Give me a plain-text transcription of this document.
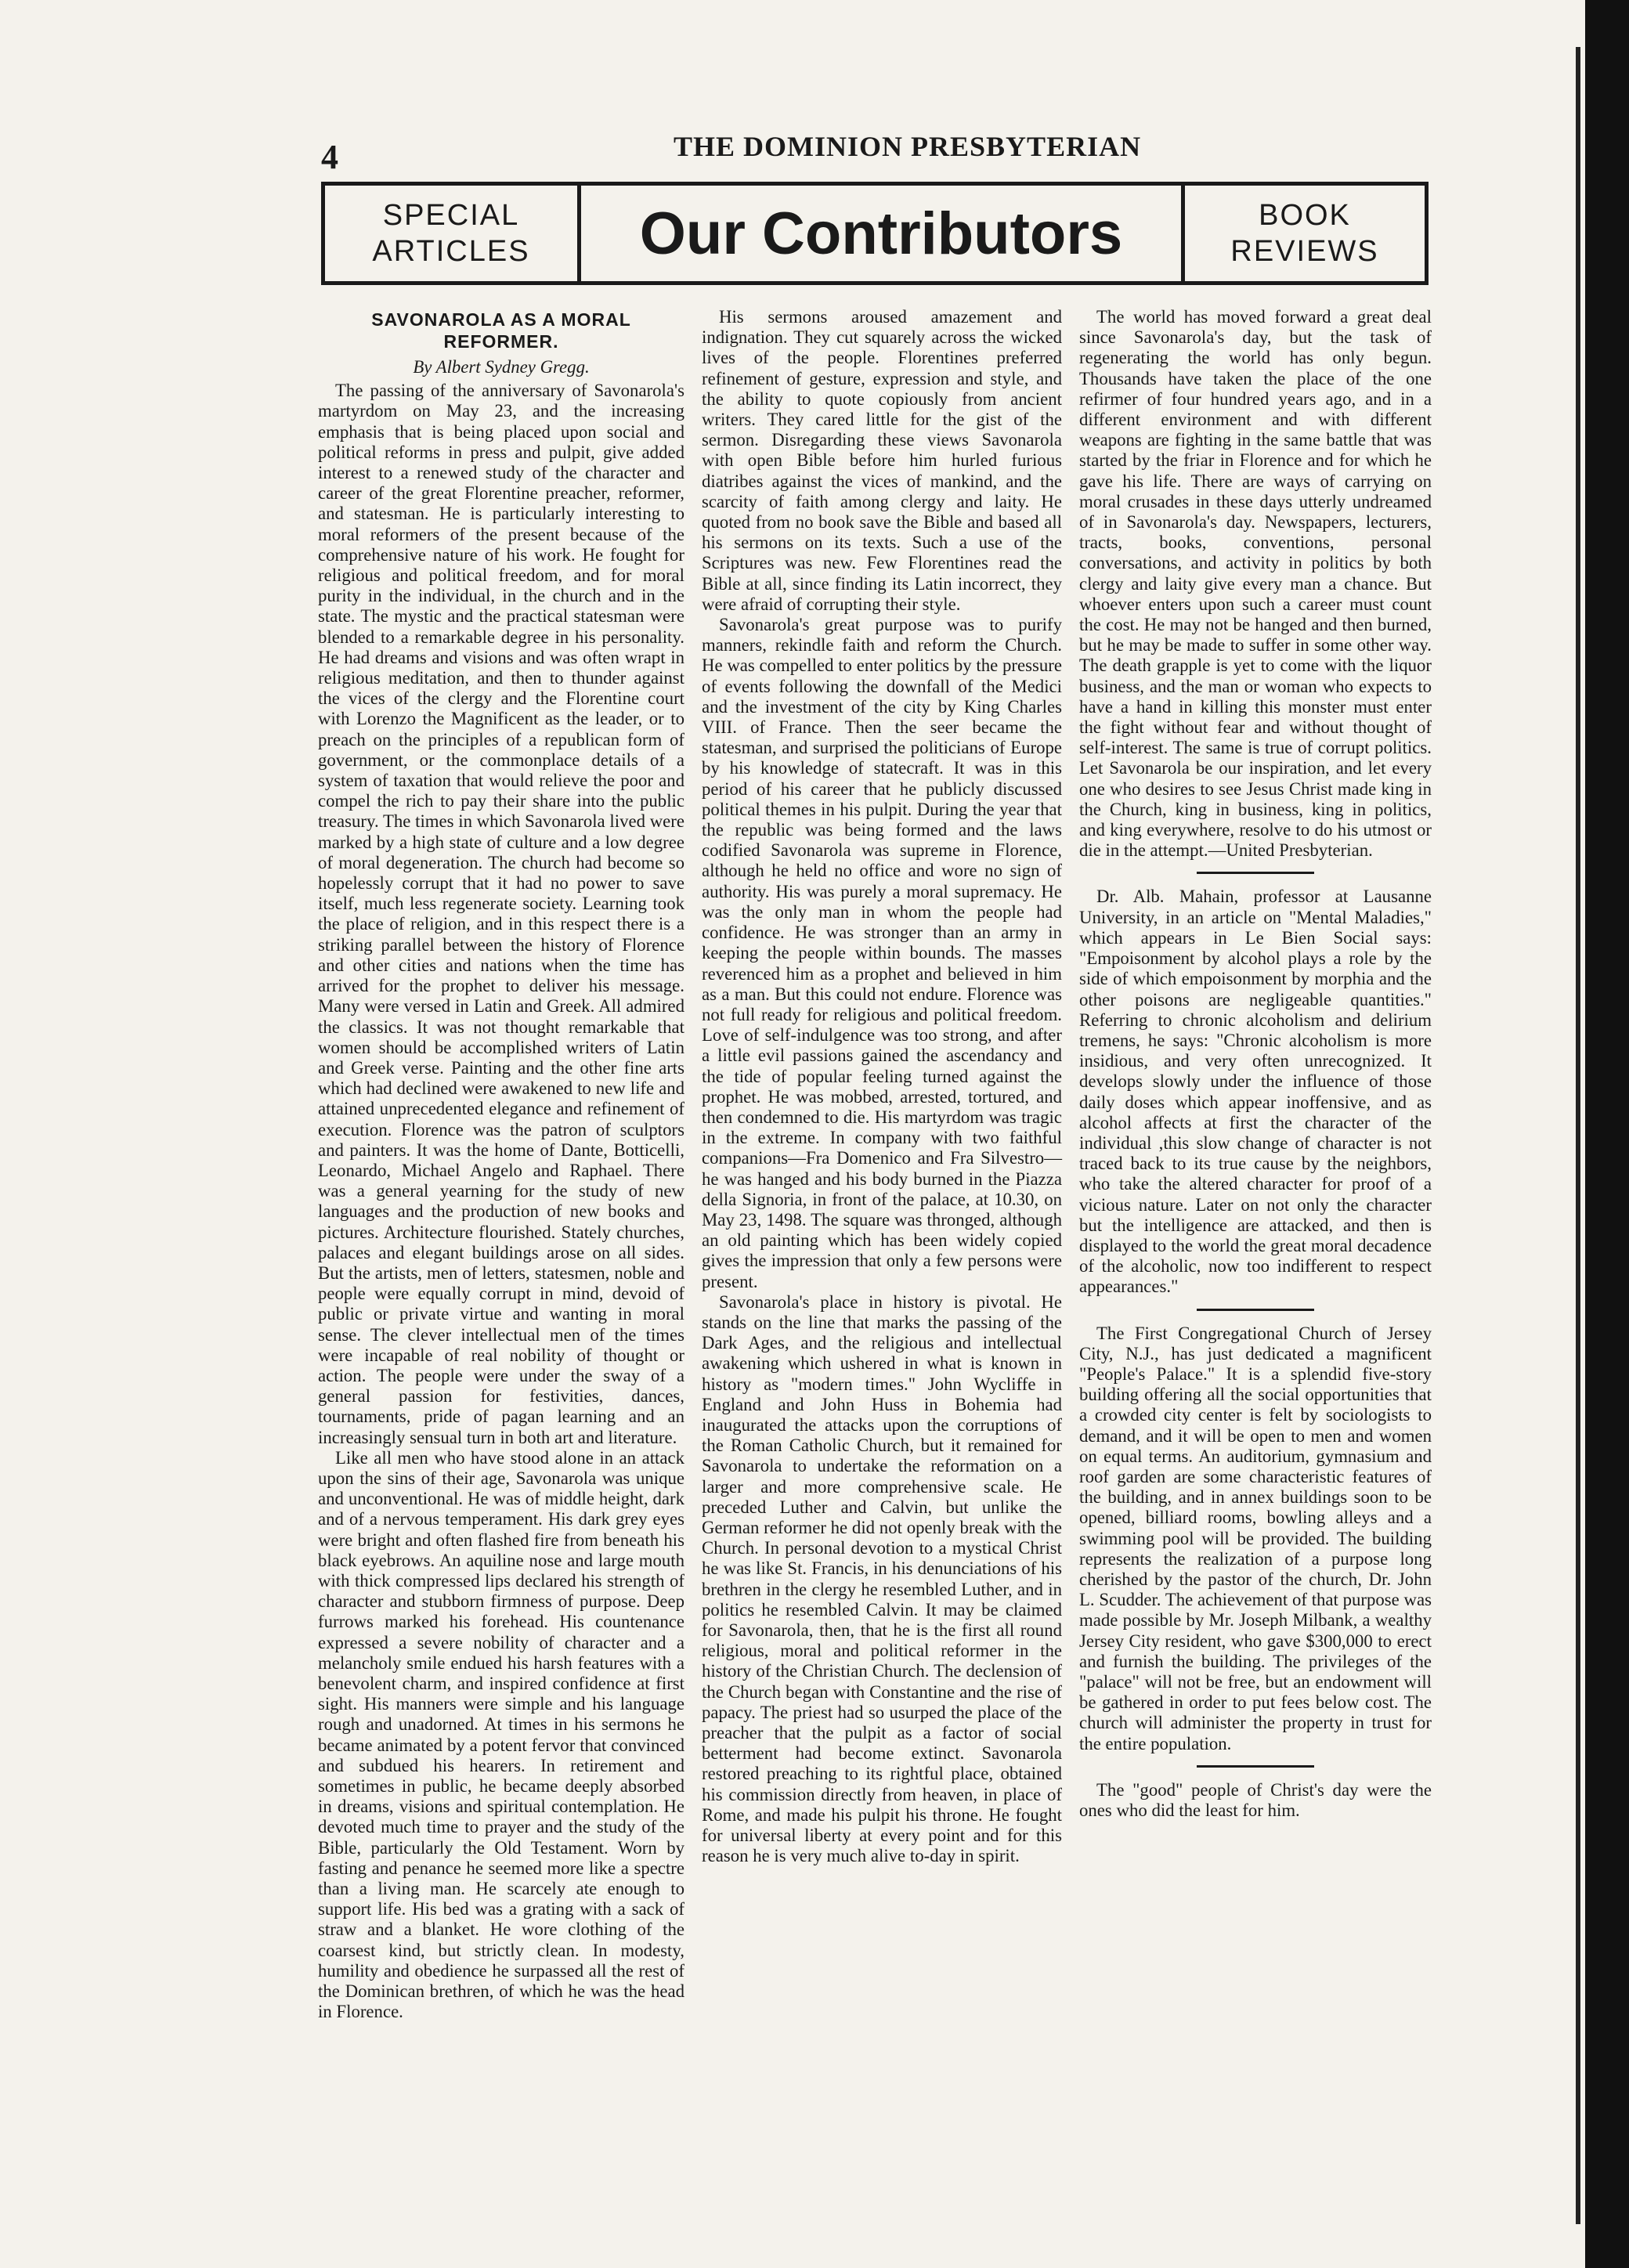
4	THE DOMINION PRESBYTERIAN
SPECIAL
ARTICLES	Our Contributors	BOOK
REVIEWS
SAVONAROLA AS A MORAL REFORMER.
By Albert Sydney Gregg.

The passing of the anniversary of Savonarola's martyrdom on May 23, and the increasing emphasis that is being placed upon social and political reforms in press and pulpit, give added interest to a renewed study of the character and career of the great Florentine preacher, reformer, and statesman. He is particularly interesting to moral reformers of the present because of the comprehensive nature of his work. He fought for religious and political freedom, and for moral purity in the individual, in the church and in the state. The mystic and the practical statesman were blended to a remarkable degree in his personality. He had dreams and visions and was often wrapt in religious meditation, and then to thunder against the vices of the clergy and the Florentine court with Lorenzo the Magnificent as the leader, or to preach on the principles of a republican form of government, or the commonplace details of a system of taxation that would relieve the poor and compel the rich to pay their share into the public treasury. The times in which Savonarola lived were marked by a high state of culture and a low degree of moral degeneration. The church had become so hopelessly corrupt that it had no power to save itself, much less regenerate society. Learning took the place of religion, and in this respect there is a striking parallel between the history of Florence and other cities and nations when the time has arrived for the prophet to deliver his message. Many were versed in Latin and Greek. All admired the classics. It was not thought remarkable that women should be accomplished writers of Latin and Greek verse. Painting and the other fine arts which had declined were awakened to new life and attained unprecedented elegance and refinement of execution. Florence was the patron of sculptors and painters. It was the home of Dante, Botticelli, Leonardo, Michael Angelo and Raphael. There was a general yearning for the study of new languages and the production of new books and pictures. Architecture flourished. Stately churches, palaces and elegant buildings arose on all sides. But the artists, men of letters, statesmen, noble and people were equally corrupt in mind, devoid of public or private virtue and wanting in moral sense. The clever intellectual men of the times were incapable of real nobility of thought or action. The people were under the sway of a general passion for festivities, dances, tournaments, pride of pagan learning and an increasingly sensual turn in both art and literature.

Like all men who have stood alone in an attack upon the sins of their age, Savonarola was unique and unconventional. He was of middle height, dark and of a nervous temperament. His dark grey eyes were bright and often flashed fire from beneath his black eyebrows. An aquiline nose and large mouth with thick compressed lips declared his strength of character and stubborn firmness of purpose. Deep furrows marked his forehead. His countenance expressed a severe nobility of character and a melancholy smile endued his harsh features with a benevolent charm, and inspired confidence at first sight. His manners were simple and his language rough and unadorned. At times in his sermons he became animated by a potent fervor that convinced and subdued his hearers. In retirement and sometimes in public, he became deeply absorbed in dreams, visions and spiritual contemplation. He devoted much time to prayer and the study of the Bible, particularly the Old Testament. Worn by fasting and penance he seemed more like a spectre than a living man. He scarcely ate enough to support life. His bed was a grating with a sack of straw and a blanket. He wore clothing of the coarsest kind, but strictly clean. In modesty, humility and obedience he surpassed all the rest of the Dominican brethren, of which he was the head in Florence.

His sermons aroused amazement and indignation. They cut squarely across the wicked lives of the people. Florentines preferred refinement of gesture, expression and style, and the ability to quote copiously from ancient writers. They cared little for the gist of the sermon. Disregarding these views Savonarola with open Bible before him hurled furious diatribes against the vices of mankind, and the scarcity of faith among clergy and laity. He quoted from no book save the Bible and based all his sermons on its texts. Such a use of the Scriptures was new. Few Florentines read the Bible at all, since finding its Latin incorrect, they were afraid of corrupting their style.

Savonarola's great purpose was to purify manners, rekindle faith and reform the Church. He was compelled to enter politics by the pressure of events following the downfall of the Medici and the investment of the city by King Charles VIII. of France. Then the seer became the statesman, and surprised the politicians of Europe by his knowledge of statecraft. It was in this period of his career that he publicly discussed political themes in his pulpit. During the year that the republic was being formed and the laws codified Savonarola was supreme in Florence, although he held no office and wore no sign of authority. His was purely a moral supremacy. He was the only man in whom the people had confidence. He was stronger than an army in keeping the people within bounds. The masses reverenced him as a prophet and believed in him as a man. But this could not endure. Florence was not full ready for religious and political freedom. Love of self-indulgence was too strong, and after a little evil passions gained the ascendancy and the tide of popular feeling turned against the prophet. He was mobbed, arrested, tortured, and then condemned to die. His martyrdom was tragic in the extreme. In company with two faithful companions—Fra Domenico and Fra Silvestro—he was hanged and his body burned in the Piazza della Signoria, in front of the palace, at 10.30, on May 23, 1498. The square was thronged, although an old painting which has been widely copied gives the impression that only a few persons were present.

Savonarola's place in history is pivotal. He stands on the line that marks the passing of the Dark Ages, and the religious and intellectual awakening which ushered in what is known in history as "modern times." John Wycliffe in England and John Huss in Bohemia had inaugurated the attacks upon the corruptions of the Roman Catholic Church, but it remained for Savonarola to undertake the reformation on a larger and more comprehensive scale. He preceded Luther and Calvin, but unlike the German reformer he did not openly break with the Church. In personal devotion to a mystical Christ he was like St. Francis, in his denunciations of his brethren in the clergy he resembled Luther, and in politics he resembled Calvin. It may be claimed for Savonarola, then, that he is the first all round religious, moral and political reformer in the history of the Christian Church. The declension of the Church began with Constantine and the rise of papacy. The priest had so usurped the place of the preacher that the pulpit as a factor of social betterment had become extinct. Savonarola restored preaching to its rightful place, obtained his commission directly from heaven, in place of Rome, and made his pulpit his throne. He fought for universal liberty at every point and for this reason he is very much alive to-day in spirit.

The world has moved forward a great deal since Savonarola's day, but the task of regenerating the world has only begun. Thousands have taken the place of the one refirmer of four hundred years ago, and in a different environment and with different weapons are fighting in the same battle that was started by the friar in Florence and for which he gave his life. There are ways of carrying on moral crusades in these days utterly undreamed of in Savonarola's day. Newspapers, lecturers, tracts, books, conventions, personal conversations, and activity in politics by both clergy and laity give every man a chance. But whoever enters upon such a career must count the cost. He may not be hanged and then burned, but he may be made to suffer in some other way. The death grapple is yet to come with the liquor business, and the man or woman who expects to have a hand in killing this monster must enter the fight without fear and without thought of self-interest. The same is true of corrupt politics. Let Savonarola be our inspiration, and let every one who desires to see Jesus Christ made king in the Church, king in business, king in politics, and king everywhere, resolve to do his utmost or die in the attempt.—United Presbyterian.

Dr. Alb. Mahain, professor at Lausanne University, in an article on "Mental Maladies," which appears in Le Bien Social says: "Empoisonment by alcohol plays a role by the side of which empoisonment by morphia and the other poisons are negligeable quantities." Referring to chronic alcoholism and delirium tremens, he says: "Chronic alcoholism is more insidious, and very often unrecognized. It develops slowly under the influence of those daily doses which appear inoffensive, and as alcohol affects at first the character of the individual ,this slow change of character is not traced back to its true cause by the neighbors, who take the altered character for proof of a vicious nature. Later on not only the character but the intelligence are attacked, and then is displayed to the world the great moral decadence of the alcoholic, now too indifferent to respect appearances."

The First Congregational Church of Jersey City, N.J., has just dedicated a magnificent "People's Palace." It is a splendid five-story building offering all the social opportunities that a crowded city center is felt by sociologists to demand, and it will be open to men and women on equal terms. An auditorium, gymnasium and roof garden are some characteristic features of the building, and in annex buildings soon to be opened, billiard rooms, bowling alleys and a swimming pool will be provided. The building represents the realization of a purpose long cherished by the pastor of the church, Dr. John L. Scudder. The achievement of that purpose was made possible by Mr. Joseph Milbank, a wealthy Jersey City resident, who gave $300,000 to erect and furnish the building. The privileges of the "palace" will not be free, but an endowment will be gathered in order to put fees below cost. The church will administer the property in trust for the entire population.

The "good" people of Christ's day were the ones who did the least for him.
